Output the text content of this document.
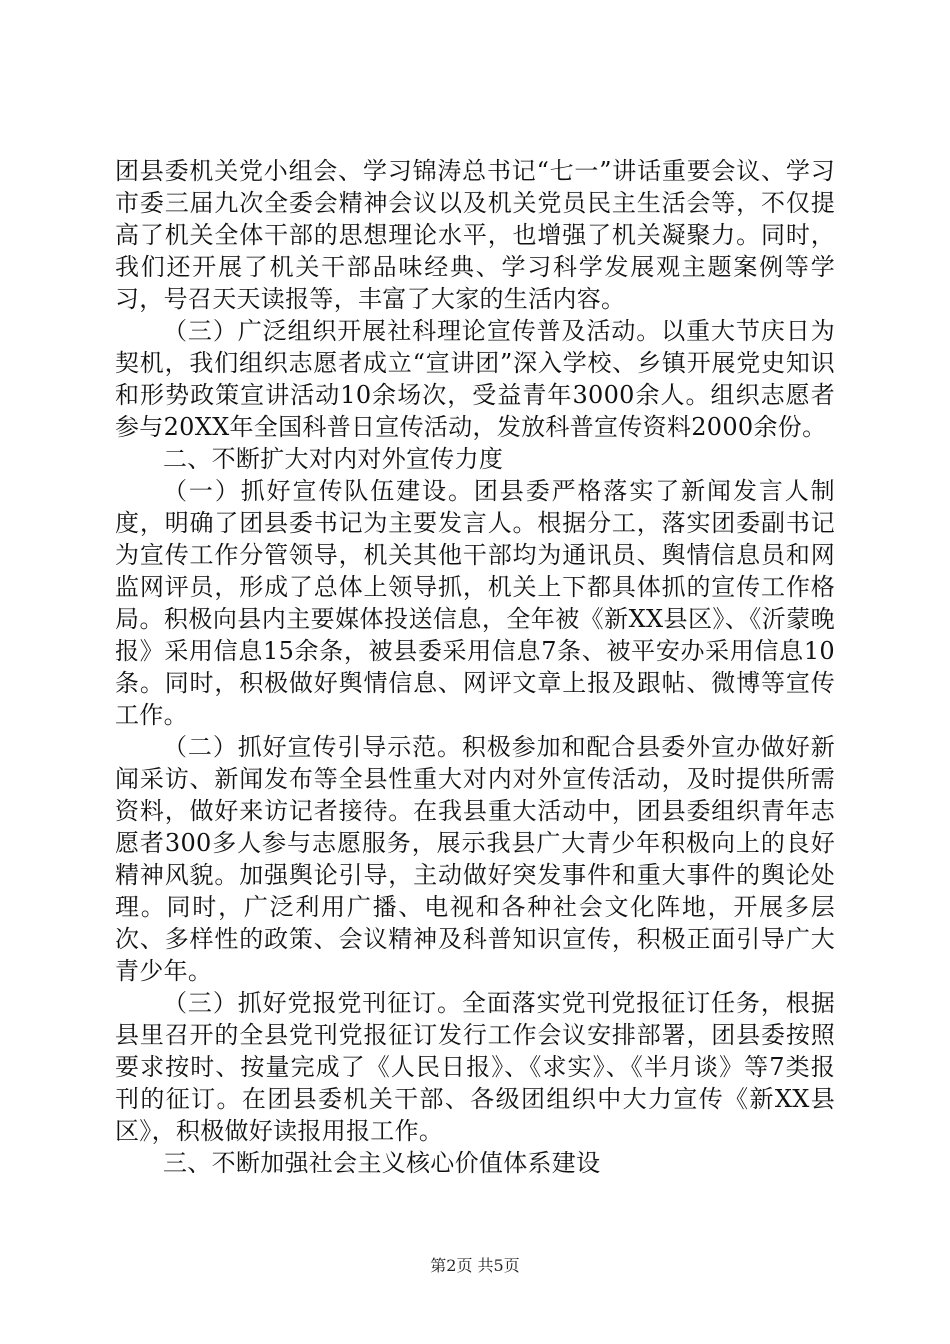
团县委机关党小组会、学习锦涛总书记“七一”讲话重要会议、学习市委三届九次全委会精神会议以及机关党员民主生活会等，不仅提高了机关全体干部的思想理论水平，也增强了机关凝聚力。同时，我们还开展了机关干部品味经典、学习科学发展观主题案例等学习，号召天天读报等，丰富了大家的生活内容。

（三）广泛组织开展社科理论宣传普及活动。以重大节庆日为契机，我们组织志愿者成立“宣讲团”深入学校、乡镇开展党史知识和形势政策宣讲活动10余场次，受益青年3000余人。组织志愿者参与20XX年全国科普日宣传活动，发放科普宣传资料2000余份。

二、不断扩大对内对外宣传力度

（一）抓好宣传队伍建设。团县委严格落实了新闻发言人制度，明确了团县委书记为主要发言人。根据分工，落实团委副书记为宣传工作分管领导，机关其他干部均为通讯员、舆情信息员和网监网评员，形成了总体上领导抓，机关上下都具体抓的宣传工作格局。积极向县内主要媒体投送信息，全年被《新XX县区》、《沂蒙晚报》采用信息15余条，被县委采用信息7条、被平安办采用信息10条。同时，积极做好舆情信息、网评文章上报及跟帖、微博等宣传工作。

（二）抓好宣传引导示范。积极参加和配合县委外宣办做好新闻采访、新闻发布等全县性重大对内对外宣传活动，及时提供所需资料，做好来访记者接待。在我县重大活动中，团县委组织青年志愿者300多人参与志愿服务，展示我县广大青少年积极向上的良好精神风貌。加强舆论引导，主动做好突发事件和重大事件的舆论处理。同时，广泛利用广播、电视和各种社会文化阵地，开展多层次、多样性的政策、会议精神及科普知识宣传，积极正面引导广大青少年。

（三）抓好党报党刊征订。全面落实党刊党报征订任务，根据县里召开的全县党刊党报征订发行工作会议安排部署，团县委按照要求按时、按量完成了《人民日报》、《求实》、《半月谈》等7类报刊的征订。在团县委机关干部、各级团组织中大力宣传《新XX县区》，积极做好读报用报工作。

三、不断加强社会主义核心价值体系建设

第2页 共5页
